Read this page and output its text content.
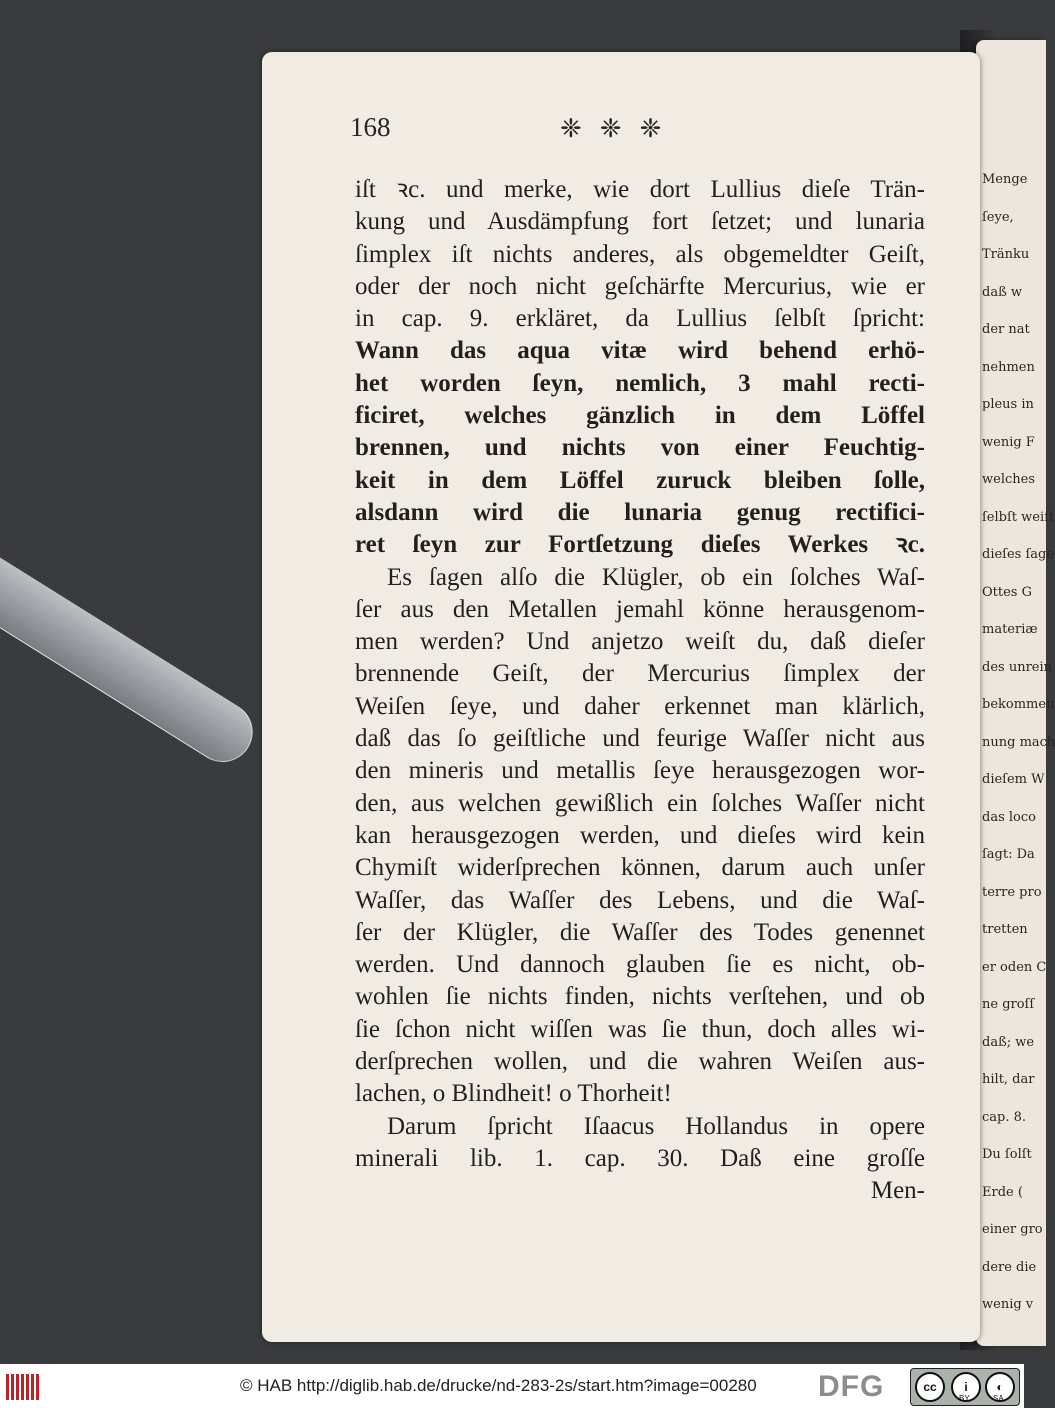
Menge
ſeye,
Tränku
daß w
der nat
nehmen
pleus in
wenig F
welches
ſelbſt weiſt
dieſes ſage
Ottes G
materiæ
des unrein
bekommen
nung mach
dieſem W
das loco
ſagt: Da
terre pro
tretten
er oden C
ne groſſ
daß; we
hilt, dar
cap. 8.
Du ſolſt
Erde (
einer gro
dere die
wenig v
168	❈❈❈
iſt ꝛc. und merke, wie dort Lullius dieſe Trän-
kung und Ausdämpfung fort ſetzet; und lunaria
ſimplex iſt nichts anderes, als obgemeldter Geiſt,
oder der noch nicht geſchärfte Mercurius, wie er
in cap. 9. erkläret, da Lullius ſelbſt ſpricht:
Wann das aqua vitæ wird behend erhö-
het worden ſeyn, nemlich, 3 mahl recti-
ficiret, welches gänzlich in dem Löffel
brennen, und nichts von einer Feuchtig-
keit in dem Löffel zuruck bleiben ſolle,
alsdann wird die lunaria genug rectifici-
ret ſeyn zur Fortſetzung dieſes Werkes ꝛc.
Es ſagen alſo die Klügler, ob ein ſolches Waſ-
ſer aus den Metallen jemahl könne herausgenom-
men werden? Und anjetzo weiſt du, daß dieſer
brennende Geiſt, der Mercurius ſimplex der
Weiſen ſeye, und daher erkennet man klärlich,
daß das ſo geiſtliche und feurige Waſſer nicht aus
den mineris und metallis ſeye herausgezogen wor-
den, aus welchen gewißlich ein ſolches Waſſer nicht
kan herausgezogen werden, und dieſes wird kein
Chymiſt widerſprechen können, darum auch unſer
Waſſer, das Waſſer des Lebens, und die Waſ-
ſer der Klügler, die Waſſer des Todes genennet
werden. Und dannoch glauben ſie es nicht, ob-
wohlen ſie nichts finden, nichts verſtehen, und ob
ſie ſchon nicht wiſſen was ſie thun, doch alles wi-
derſprechen wollen, und die wahren Weiſen aus-
lachen, o Blindheit! o Thorheit!
Darum ſpricht Iſaacus Hollandus in opere
minerali lib. 1. cap. 30. Daß eine groſſe
Men-
© HAB http://diglib.hab.de/drucke/nd-283-2s/start.htm?image=00280 DFG	cc	i	◐
BY	SA
